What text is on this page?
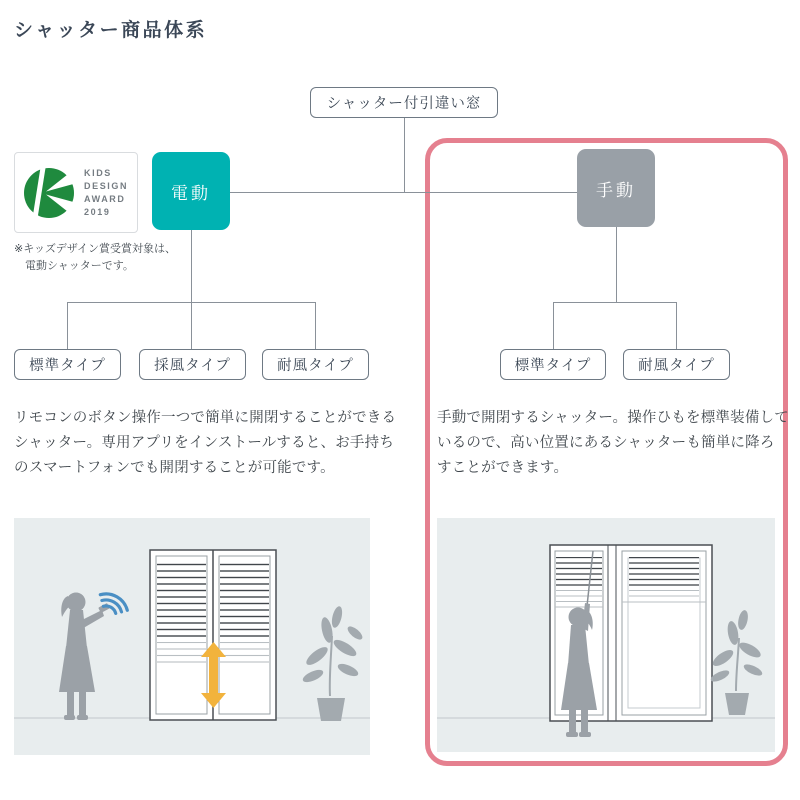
シャッター商品体系
シャッター付引違い窓
電動	手動
KIDS
DESIGN
AWARD
2019
※キッズデザイン賞受賞対象は、
電動シャッターです。
標準タイプ	採風タイプ	耐風タイプ	標準タイプ	耐風タイプ
リモコンのボタン操作一つで簡単に開閉することができるシャッター。専用アプリをインストールすると、お手持ちのスマートフォンでも開閉することが可能です。
手動で開閉するシャッター。操作ひもを標準装備しているので、高い位置にあるシャッターも簡単に降ろすことができます。
